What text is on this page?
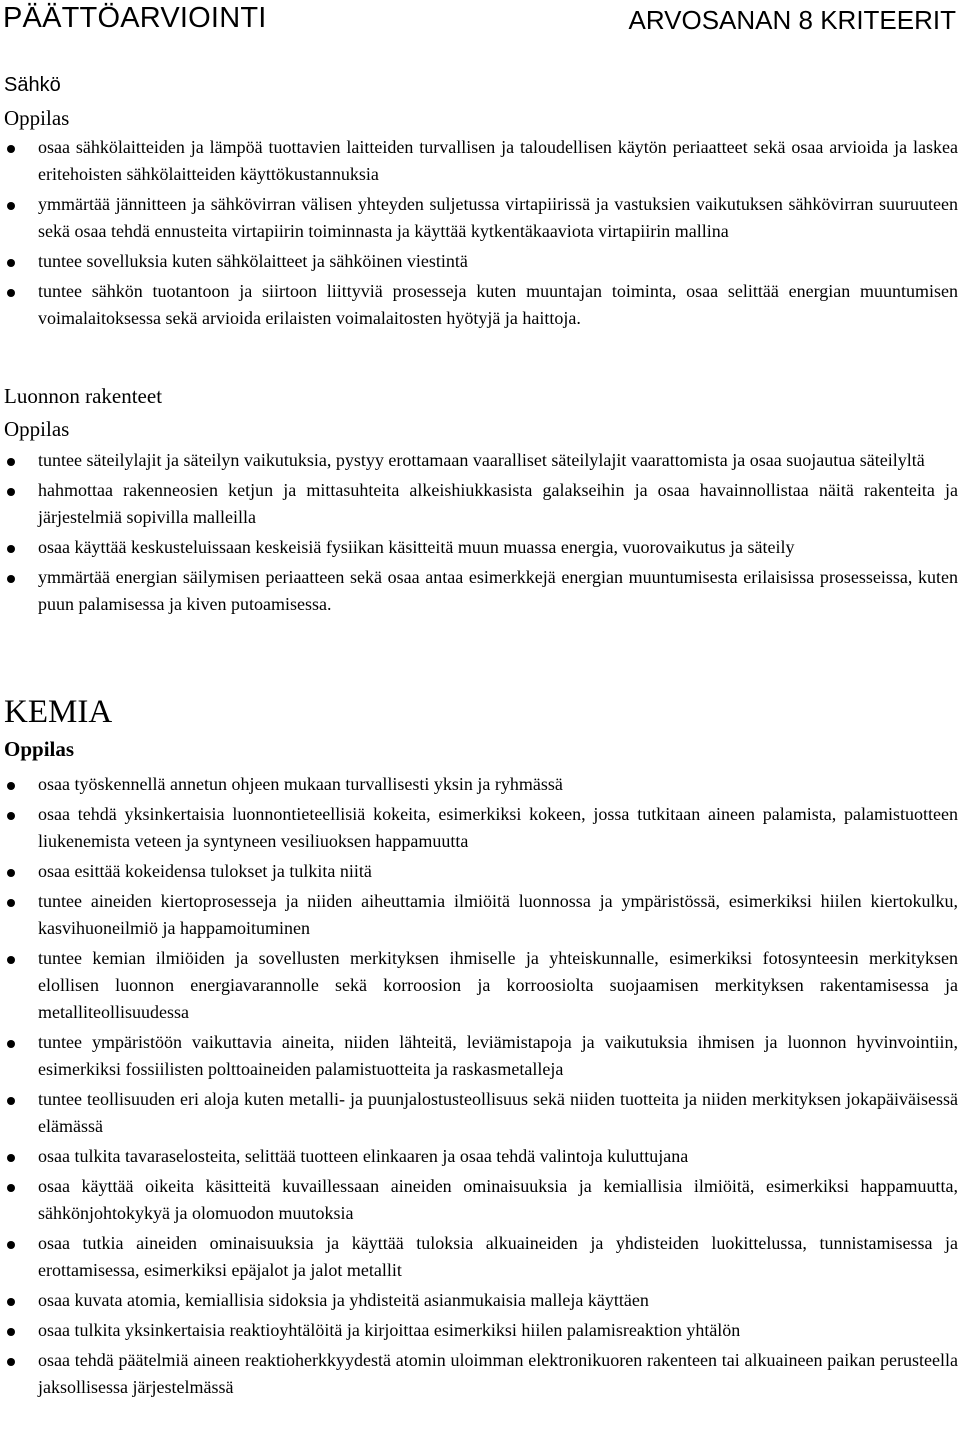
PÄÄTTÖARVIOINTI	ARVOSANAN 8 KRITEERIT
Sähkö
Oppilas
osaa sähkölaitteiden ja lämpöä tuottavien laitteiden turvallisen ja taloudellisen käytön periaatteet sekä osaa arvioida ja laskea eritehoisten sähkölaitteiden käyttökustannuksia
ymmärtää jännitteen ja sähkövirran välisen yhteyden suljetussa virtapiirissä ja vastuksien vaikutuksen sähkövirran suuruuteen sekä osaa tehdä ennusteita virtapiirin toiminnasta ja käyttää kytkentäkaaviota virtapiirin mallina
tuntee sovelluksia kuten sähkölaitteet ja sähköinen viestintä
tuntee sähkön tuotantoon ja siirtoon liittyviä prosesseja kuten muuntajan toiminta, osaa selittää energian muuntumisen voimalaitoksessa sekä arvioida erilaisten voimalaitosten hyötyjä ja haittoja.
Luonnon rakenteet
Oppilas
tuntee säteilylajit ja säteilyn vaikutuksia, pystyy erottamaan vaaralliset säteilylajit vaarattomista ja osaa suojautua säteilyltä
hahmottaa rakenneosien ketjun ja mittasuhteita alkeishiukkasista galakseihin ja osaa havainnollistaa näitä rakenteita ja järjestelmiä sopivilla malleilla
osaa käyttää keskusteluissaan keskeisiä fysiikan käsitteitä muun muassa energia, vuorovaikutus ja säteily
ymmärtää energian säilymisen periaatteen sekä osaa antaa esimerkkejä energian muuntumisesta erilaisissa prosesseissa, kuten puun palamisessa ja kiven putoamisessa.
KEMIA
Oppilas
osaa työskennellä annetun ohjeen mukaan turvallisesti yksin ja ryhmässä
osaa tehdä yksinkertaisia luonnontieteellisiä kokeita, esimerkiksi kokeen, jossa tutkitaan aineen palamista, palamistuotteen liukenemista veteen ja syntyneen vesiliuoksen happamuutta
osaa esittää kokeidensa tulokset ja tulkita niitä
tuntee aineiden kiertoprosesseja ja niiden aiheuttamia ilmiöitä luonnossa ja ympäristössä, esimerkiksi hiilen kiertokulku, kasvihuoneilmiö ja happamoituminen
tuntee kemian ilmiöiden ja sovellusten merkityksen ihmiselle ja yhteiskunnalle, esimerkiksi fotosynteesin merkityksen elollisen luonnon energiavarannolle sekä korroosion ja korroosiolta suojaamisen merkityksen rakentamisessa ja metalliteollisuudessa
tuntee ympäristöön vaikuttavia aineita, niiden lähteitä, leviämistapoja ja vaikutuksia ihmisen ja luonnon hyvinvointiin, esimerkiksi fossiilisten polttoaineiden palamistuotteita ja raskasmetalleja
tuntee teollisuuden eri aloja kuten metalli- ja puunjalostusteollisuus sekä niiden tuotteita ja niiden merkityksen jokapäiväisessä elämässä
osaa tulkita tavaraselosteita, selittää tuotteen elinkaaren ja osaa tehdä valintoja kuluttujana
osaa käyttää oikeita käsitteitä kuvaillessaan aineiden ominaisuuksia ja kemiallisia ilmiöitä, esimerkiksi happamuutta, sähkönjohtokykyä ja olomuodon muutoksia
osaa tutkia aineiden ominaisuuksia ja käyttää tuloksia alkuaineiden ja yhdisteiden luokittelussa, tunnistamisessa ja erottamisessa, esimerkiksi epäjalot ja jalot metallit
osaa kuvata atomia, kemiallisia sidoksia ja yhdisteitä asianmukaisia malleja käyttäen
osaa tulkita yksinkertaisia reaktioyhtälöitä ja kirjoittaa esimerkiksi hiilen palamisreaktion yhtälön
osaa tehdä päätelmiä aineen reaktioherkkyydestä atomin uloimman elektronikuoren rakenteen tai alkuaineen paikan perusteella jaksollisessa järjestelmässä
